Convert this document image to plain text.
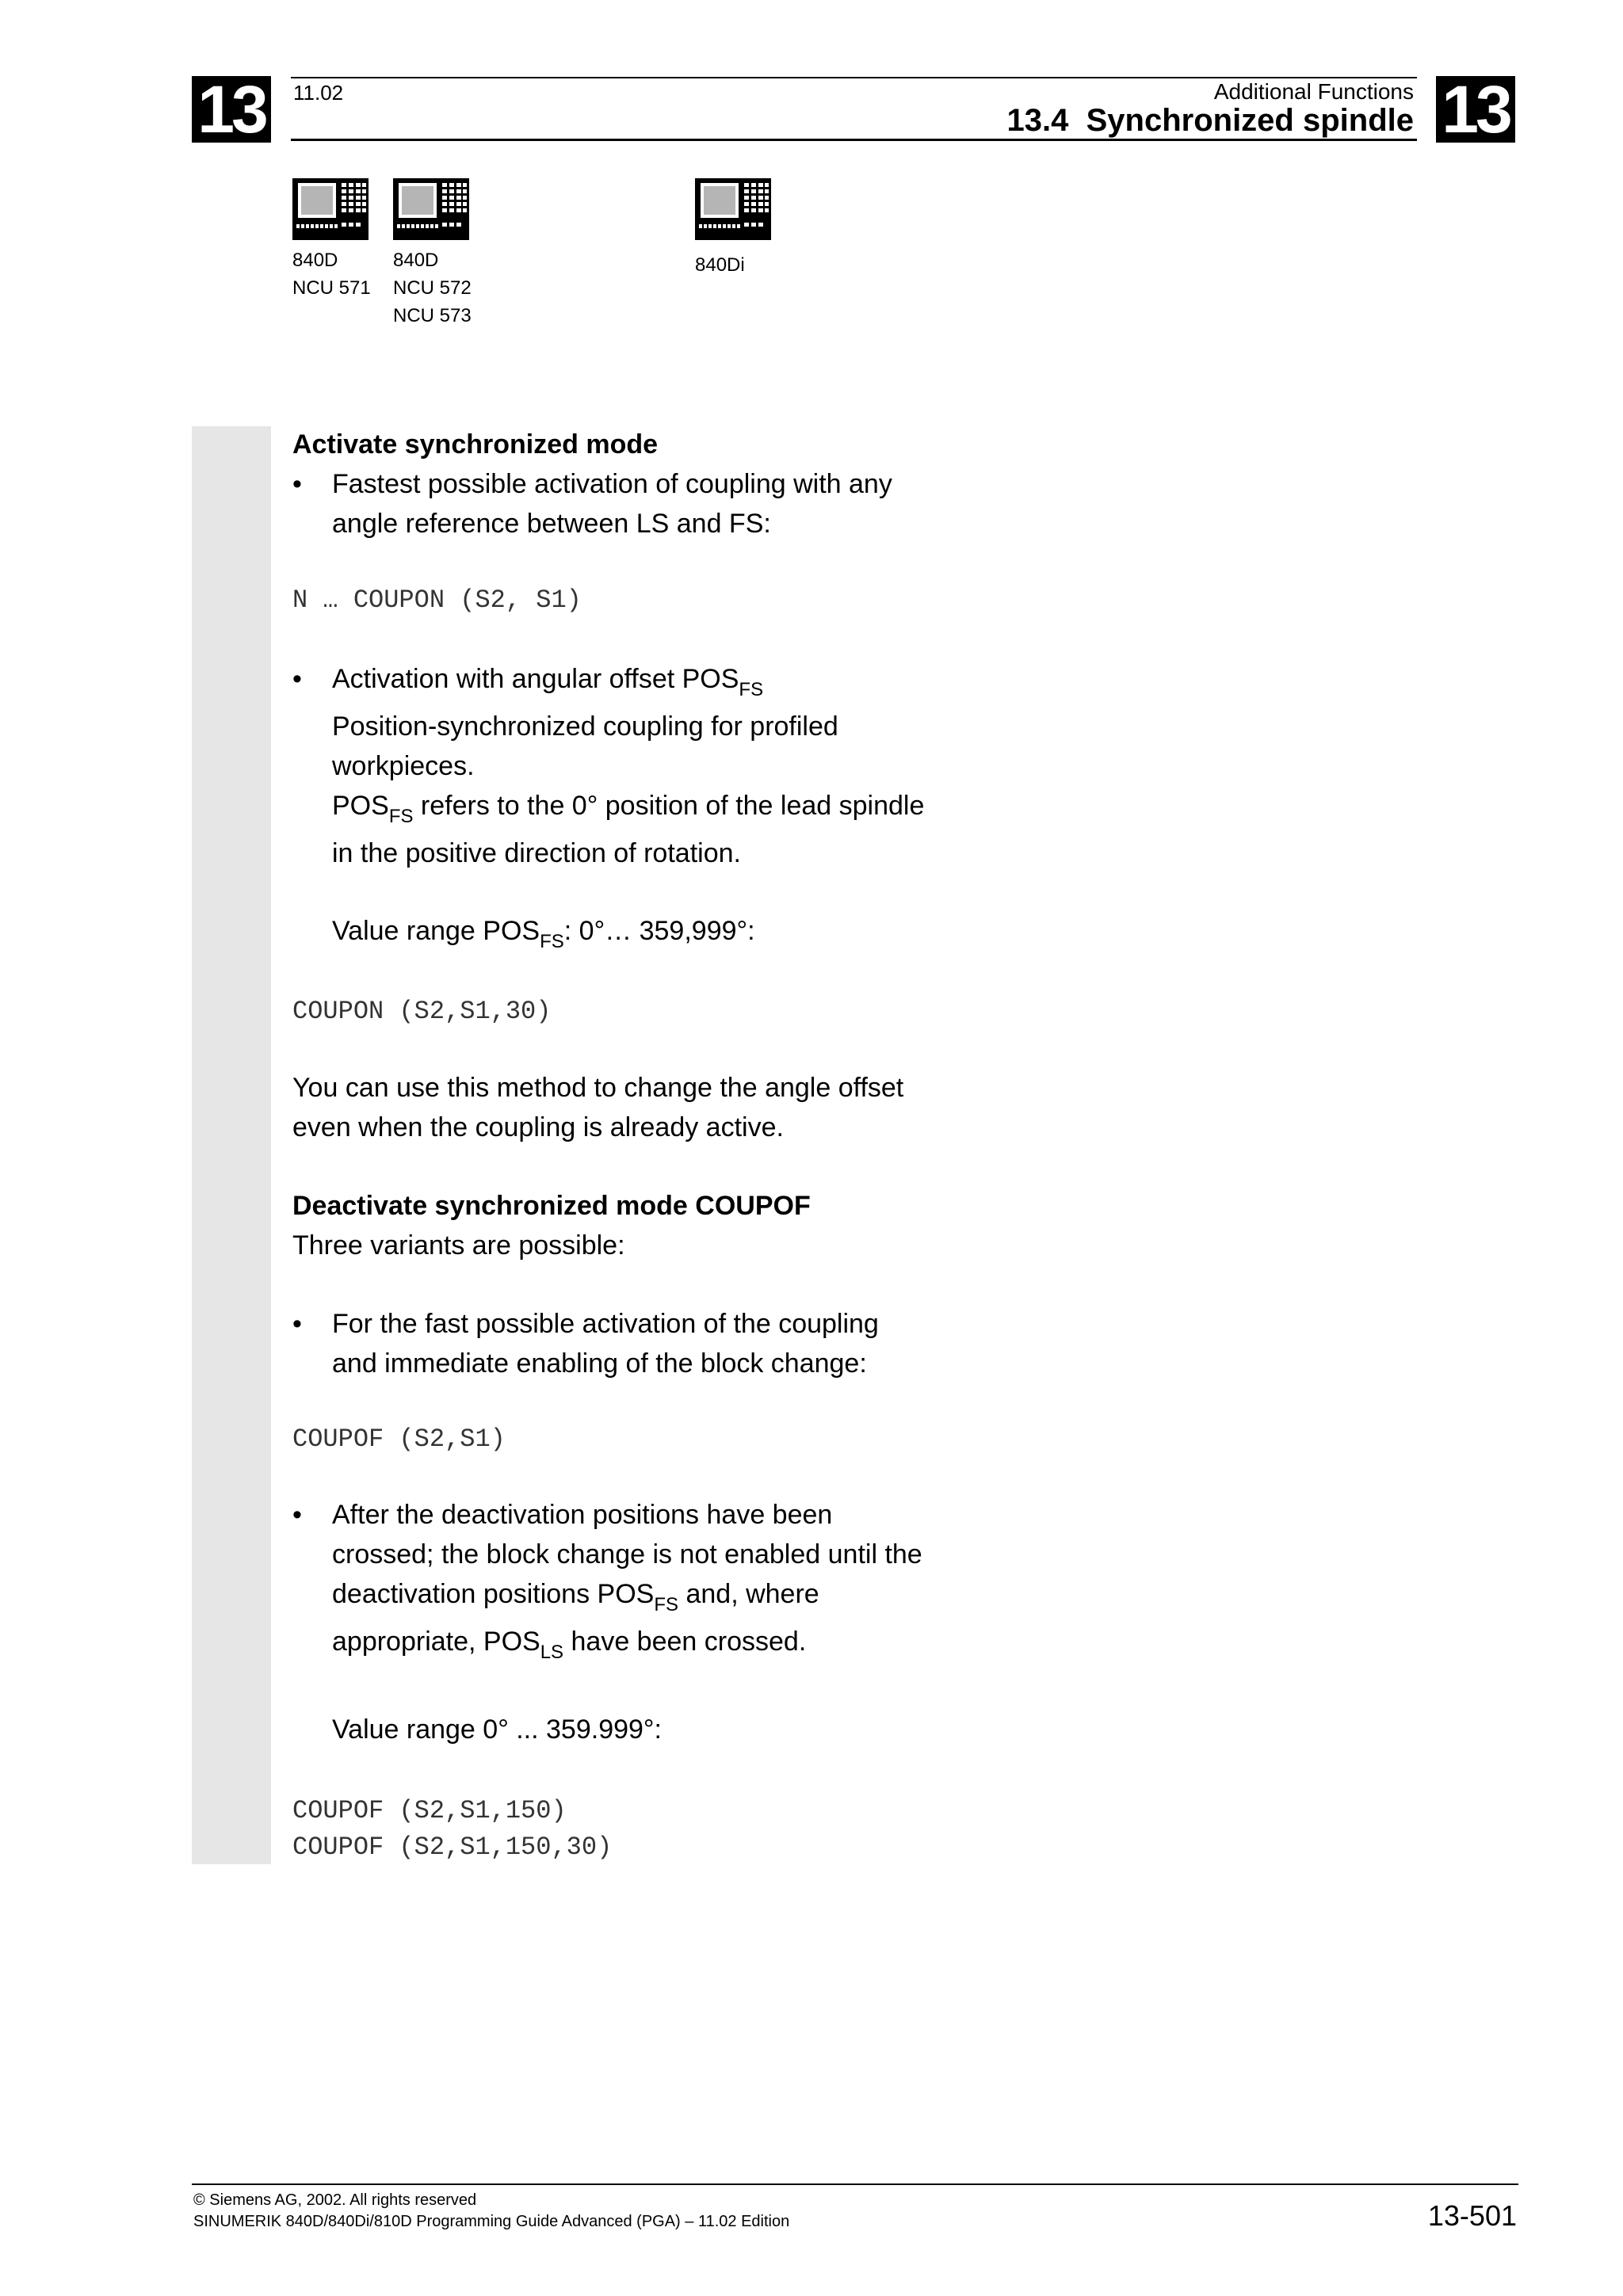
13	13
11.02	Additional Functions
13.4  Synchronized spindle
840D
NCU 571
840D
NCU 572
NCU 573
840Di
Activate synchronized mode
• Fastest possible activation of coupling with any
angle reference between LS and FS:
N … COUPON (S2, S1)
• Activation with angular offset $POS_{FS}$
Position-synchronized coupling for profiled
workpieces.
$POS_{FS}$ refers to the 0° position of the lead spindle
in the positive direction of rotation.
Value range $POS_{FS}$: 0°… 359,999°:
COUPON (S2,S1,30)
You can use this method to change the angle offset
even when the coupling is already active.
Deactivate synchronized mode COUPOF
Three variants are possible:
• For the fast possible activation of the coupling
and immediate enabling of the block change:
COUPOF (S2,S1)
• After the deactivation positions have been
crossed; the block change is not enabled until the
deactivation positions $POS_{FS}$ and, where
appropriate, $POS_{LS}$ have been crossed.
Value range 0° ... 359.999°:
COUPOF (S2,S1,150)
COUPOF (S2,S1,150,30)
© Siemens AG, 2002. All rights reserved
SINUMERIK 840D/840Di/810D Programming Guide Advanced (PGA) – 11.02 Edition	13-501
